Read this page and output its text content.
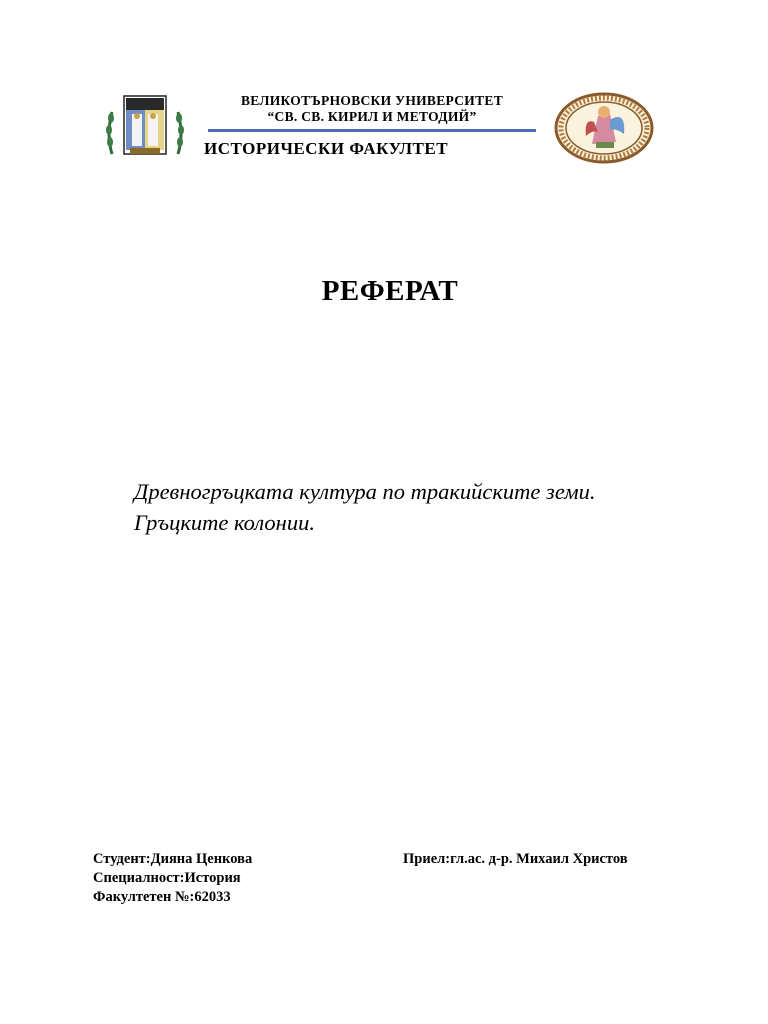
ВЕЛИКОТЪРНОВСКИ УНИВЕРСИТЕТ
“СВ. СВ. КИРИЛ И МЕТОДИЙ”
ИСТОРИЧЕСКИ ФАКУЛТЕТ
РЕФЕРАТ
Древногръцката култура по тракийските земи.
Гръцките колонии.
Студент:Дияна Ценкова
Специалност:История
Факултетен №:62033
Приел:гл.ас. д-р. Михаил Христов
